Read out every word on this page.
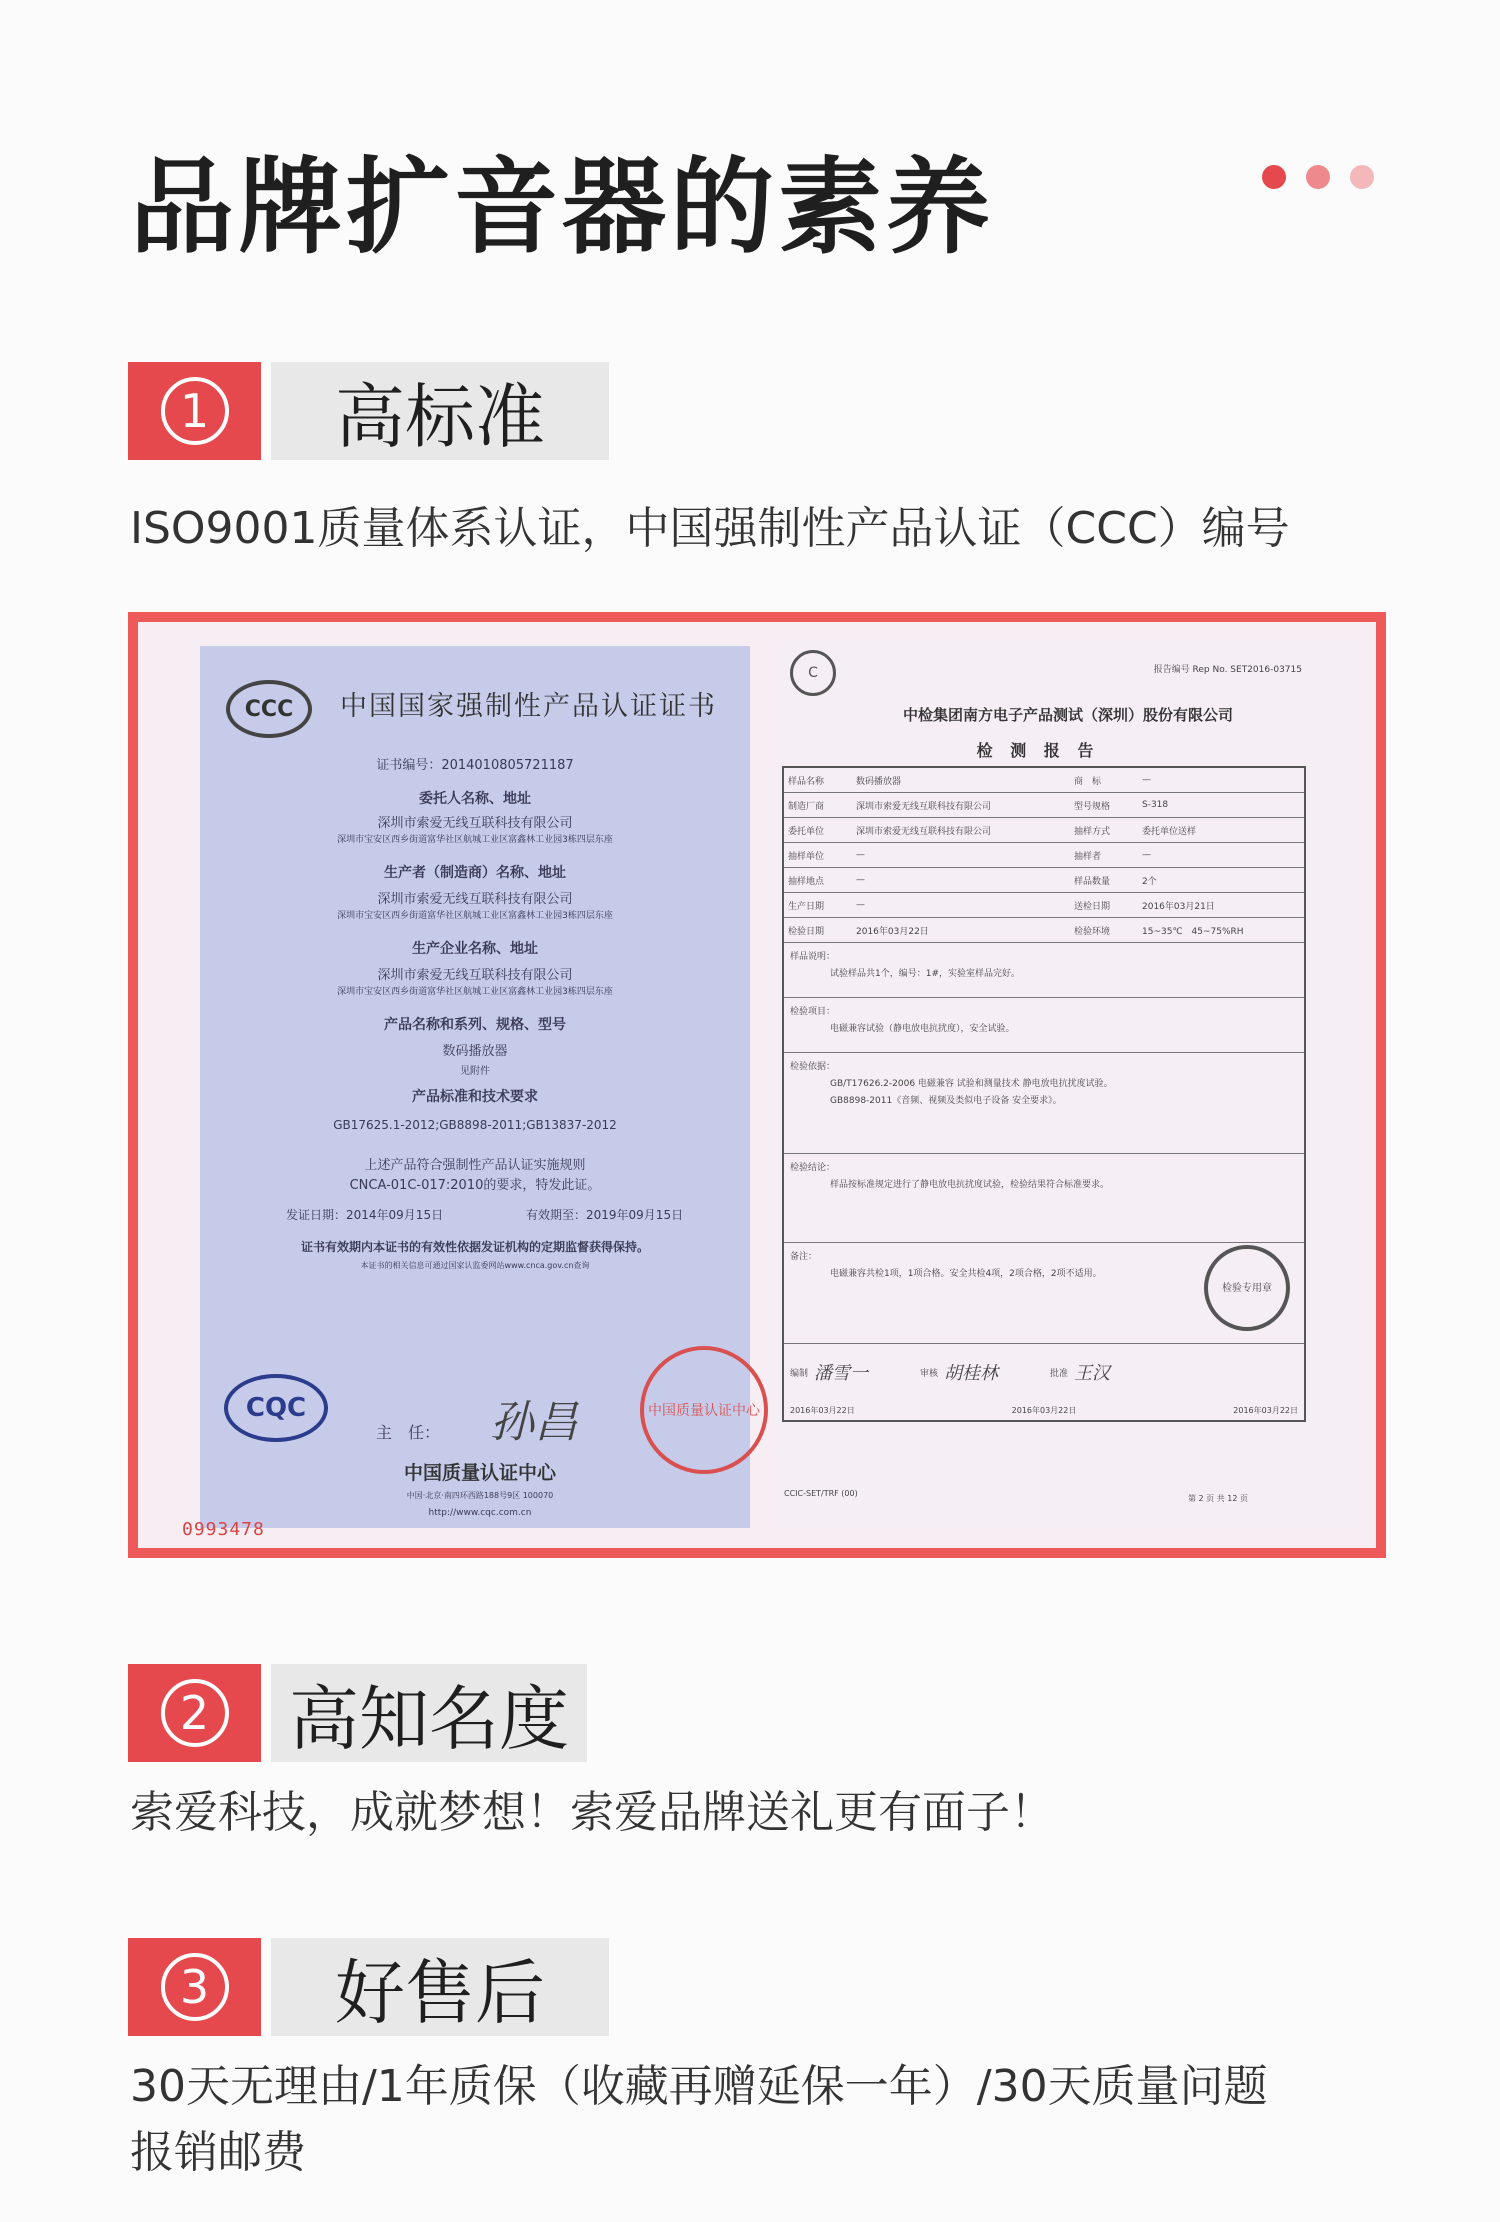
品牌扩音器的素养
1	高标准
ISO9001质量体系认证，中国强制性产品认证（CCC）编号
CCC	中国国家强制性产品认证证书
证书编号：2014010805721187
委托人名称、地址
深圳市索爱无线互联科技有限公司
深圳市宝安区西乡街道富华社区航城工业区富鑫林工业园3栋四层东座
生产者（制造商）名称、地址
深圳市索爱无线互联科技有限公司
深圳市宝安区西乡街道富华社区航城工业区富鑫林工业园3栋四层东座
生产企业名称、地址
深圳市索爱无线互联科技有限公司
深圳市宝安区西乡街道富华社区航城工业区富鑫林工业园3栋四层东座
产品名称和系列、规格、型号
数码播放器
见附件
产品标准和技术要求
GB17625.1-2012;GB8898-2011;GB13837-2012
上述产品符合强制性产品认证实施规则
CNCA-01C-017:2010的要求，特发此证。
发证日期：2014年09月15日	有效期至：2019年09月15日
证书有效期内本证书的有效性依据发证机构的定期监督获得保持。
本证书的相关信息可通过国家认监委网站www.cnca.gov.cn查询
CQC
主　任：	孙昌
中国质量认证中心
中国·北京·南四环西路188号9区 100070
http://www.cqc.com.cn
中国质量认证中心
0993478
C	报告编号 Rep No. SET2016-03715
中检集团南方电子产品测试（深圳）股份有限公司
检 测 报 告
样品名称	数码播放器	商　标	—
制造厂商	深圳市索爱无线互联科技有限公司	型号规格	S-318
委托单位	深圳市索爱无线互联科技有限公司	抽样方式	委托单位送样
抽样单位	—	抽样者	—
抽样地点	—	样品数量	2个
生产日期	—	送检日期	2016年03月21日
检验日期	2016年03月22日	检验环境	15~35℃　45~75%RH
样品说明：
试验样品共1个，编号：1#，实验室样品完好。
检验项目：
电磁兼容试验（静电放电抗扰度），安全试验。
检验依据：
GB/T17626.2-2006 电磁兼容 试验和测量技术 静电放电抗扰度试验。
GB8898-2011《音频、视频及类似电子设备 安全要求》。
检验结论：
样品按标准规定进行了静电放电抗扰度试验，检验结果符合标准要求。
备注：
电磁兼容共检1项，1项合格。安全共检4项，2项合格，2项不适用。
检验专用章
编制 潘雪一	审核 胡桂林	批准 王汉
2016年03月22日	2016年03月22日	2016年03月22日
CCIC-SET/TRF (00)
第 2 页 共 12 页
2 高知名度
索爱科技，成就梦想！索爱品牌送礼更有面子！
3	好售后
30天无理由/1年质保（收藏再赠延保一年）/30天质量问题
报销邮费
